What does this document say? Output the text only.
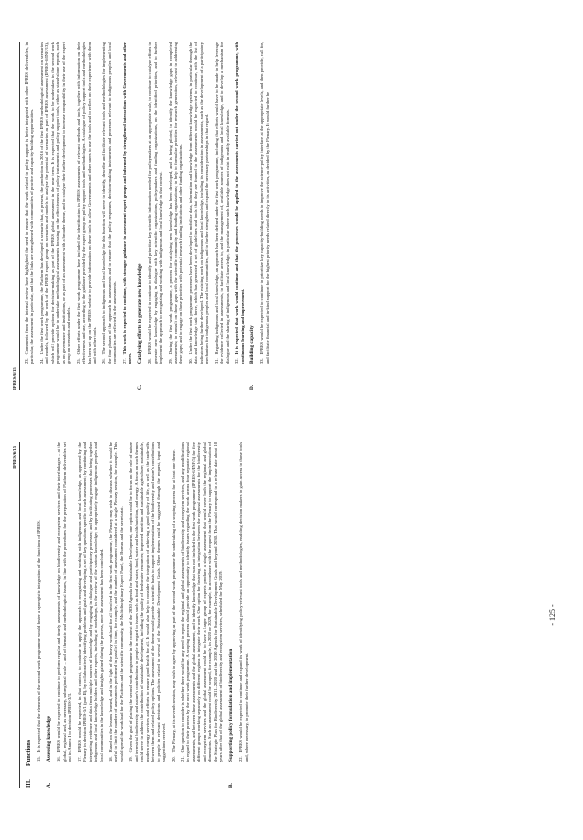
IPBES/6/15
IPBES/6/15
III.
Functions 15.It is expected that the elements of the second work programme would foster a synergistic integration of the functions of IPBES.

A.
Assessing knowledge 16.IPBES would be expected to continue to perform regular and timely assessments of knowledge on biodiversity and ecosystem services and their interlinkages – at the global, regional and, as necessary, subregional scale – and of thematic and methodological issues, in line with the procedures for the preparation of Platform deliverables set out in Annex I to decision IPBES-3/3. 17.IPBES would be expected, in that context, to continue to apply the approach to recognizing and working with indigenous and local knowledge, as approved by the Plenary in decision IPBES-5/1 (part II), by collaboratively identifying problems and goals and developing a set of key questions specific to each assessment; by combining and interpreting evidence and data from multiple sources of knowledge and by engaging in dialogue and participatory processes; and by facilitating processes that bring together indigenous and local knowledge holders and other experts, including at workshops, in the review of the various knowledge; to appropriately engage indigenous peoples and local communities in the knowledge and insights gained during the process, once the assessment has been concluded. 18.Based on the lessons learned, and in the light of the heavy workload for all involved in the first work programme, the Plenary may wish to discuss whether it would be useful to limit the number of assessments performed in parallel in time, for example, and the number of assessment considered at a single Plenary session, for example. This would spread the workload for the Platform and the scientific community, the Multidisciplinary Expert Panel, the Bureau and the secretariat. 19.Given the goal of placing the second work programme in the context of the 2030 Agenda for Sustainable Development, one option could be to focus on the role of nature and terrestrial biodiversity and nature's contributions to people in regard to issues such as food and water, food, water and health/nutrition, and energy. A focus on such themes could serve to address the contribution of sustainable development, including the quality of freshwater resources; improved nutrition and sustainable agriculture; sustainable, modern energy services and efforts to ensure good health for all. It would also help to consider the integration of achieving a good quality of life, as well as the trade-offs between them and related policy options. The assessment of the theme would provide a scientific basis to support implementation of the biodiversity and nature's contributions to people in relevant decisions and policies related to several of the Sustainable Development Goals. Other themes could be suggested through the request, input and suggestions received. 20.The Plenary, at its seventh session, may wish to agree by approving as part of the second work programme the undertaking of a scoping process for at least one theme.

21.One question to consider is whether there would be any need to repeat the regional and global assessments of biodiversity and ecosystem services, and any modifications in regard to their process by the next work programme. A scoping process should provide an opportunity to identify issues regarding the work across four separate regional assessments, and between those assessments and the global assessment, and to identify knowledge that was not included in the first work programme (IPBES-6/INF/5) for five different groups working separately on different regions to integrate their work. One option for fostering an integration between the regional assessments for the biodiversity and ecosystem services and the global assessment could be to have a larger group of experts produce a single assessment that would cover both the regional and global dimensions. Such an assessment could be scoped, for example, in 2020 or 2029, for example, in accordance with the request from the Plenary to support the implementation of the Strategic Plan for Biodiversity 2011–2020 and the 2030 Agenda for Sustainable Development Goals and beyond 2030. That would correspond to a release date about 10 years after that of the global assessment of biodiversity and ecosystem services, scheduled for May 2019.

B.
Supporting policy formulation and implementation 22.IPBES would be expected to continue and expand its work of identifying policy-relevant tools and methodologies, enabling decision makers to gain access to those tools and, where necessary, to promote their further development.

23.Comments from the internal review have highlighted the need to ensure that the work related to policy support is better integrated with other IPBES deliverables, in particular, the assessment in particular, and that the links are strengthened with communities of practice and capacity-building opportunities. 24.Under the first work programme, the Platform has developed a scenario that, at present, the production in 2016 of the first IPBES methodological assessment on scenarios and models, followed by the work of the IPBES expert group on scenarios and models to analyse the potential of scenarios as part of IPBES assessment (IPBES-6/INF/13), which will provide options for decision-making as part of the IPBES global assessment in the near term. It is expected that the work to be undertaken in the second work programme would be to undertake methodological assessments focusing on the effectiveness of policy instruments and policy support tools, either as stand-alone reports, such as on governance and institutions, or as part of an assessment with a broader theme, and to catalyse their further development to increase comparability in their use of the expert group on scenarios and models. 25.Other efforts under the first work programme have included the identification in IPBES assessments of relevant methods and tools, together with information on their effectiveness and use, according to the guidance provided by the expert group on policy support tools and methodologies. A catalogue of policy support tools and methodologies has been set up on the IPBES website to provide information on these tools to allow Governments and other users to use the tools and to reflect on their experience with them and with other tools. 26.The second approach to indigenous and local knowledge for this function will serve to identify, describe and facilitate relevant tools and methodologies for implementing the four phases of the approach in assessments and to ensure that the policy responses, decision-making instruments and processes relevant to indigenous peoples and local communities are reflected in the assessments. 27.This work is expected to continue, with stronger guidance to assessment expert groups and informed by strengthened interactions with Governments and other users.

C.
Catalysing efforts to generate new knowledge 28.IPBES would be expected to continue to identify and prioritize key scientific information needed for policymakers at an appropriate scale, to continue to catalyse efforts to generate new knowledge by engaging in dialogue with key scientific organizations, policymakers and funding organizations, on the identified priorities, and to further implement the approach to recognizing and working with indigenous and local knowledge in that context. 29.During the first work programme, a process for catalysing new knowledge has been developed, and is being piloted, to identify the knowledge gaps in completed assessments; to consult on those gaps with the scientific community and funding organizations; to help to formalize priorities for research generation, relevant to addressing these gaps; and to engage on those priorities with potential research funding institutions and other funding organizations. 30.Under the first work programme processes have been developed to mobilize data, information and knowledge from different knowledge systems, in particular through the data and knowledge task force, which has generated a set of guidelines and tools that they are framed to the assessments would be expected to continue, with the list of indicators being further developed. The existing work on indigenous and local knowledge, including its consideration in assessments, such as the development of a participatory mechanism for indigenous peoples and local communities, and to further strengthen and expand the necessary partnerships in that regard. 31.Regarding indigenous and local knowledge, an approach has been defined under the first work programme, including that efforts would have to be made to help leverage the evidence collected in assessments, to facilitate access to, and the management of, available sources of indigenous and local knowledge, and to develop a mechanism for dialogue and the sharing of indigenous and local knowledge, in particular where such knowledge does not exist in readily available formats. 32.It is expected that work would continue and that the processes would be applied to the assessments carried out under the second work programme, with continuous learning and improvement.

D.
Building capacity 33.IPBES would be expected to continue to prioritize key capacity-building needs to improve the science-policy interface at the appropriate levels, and then provide, call for, and facilitate financial and in-kind support for the highest priority needs related directly to its activities, as decided by the Plenary. It would further be

- 125 -
